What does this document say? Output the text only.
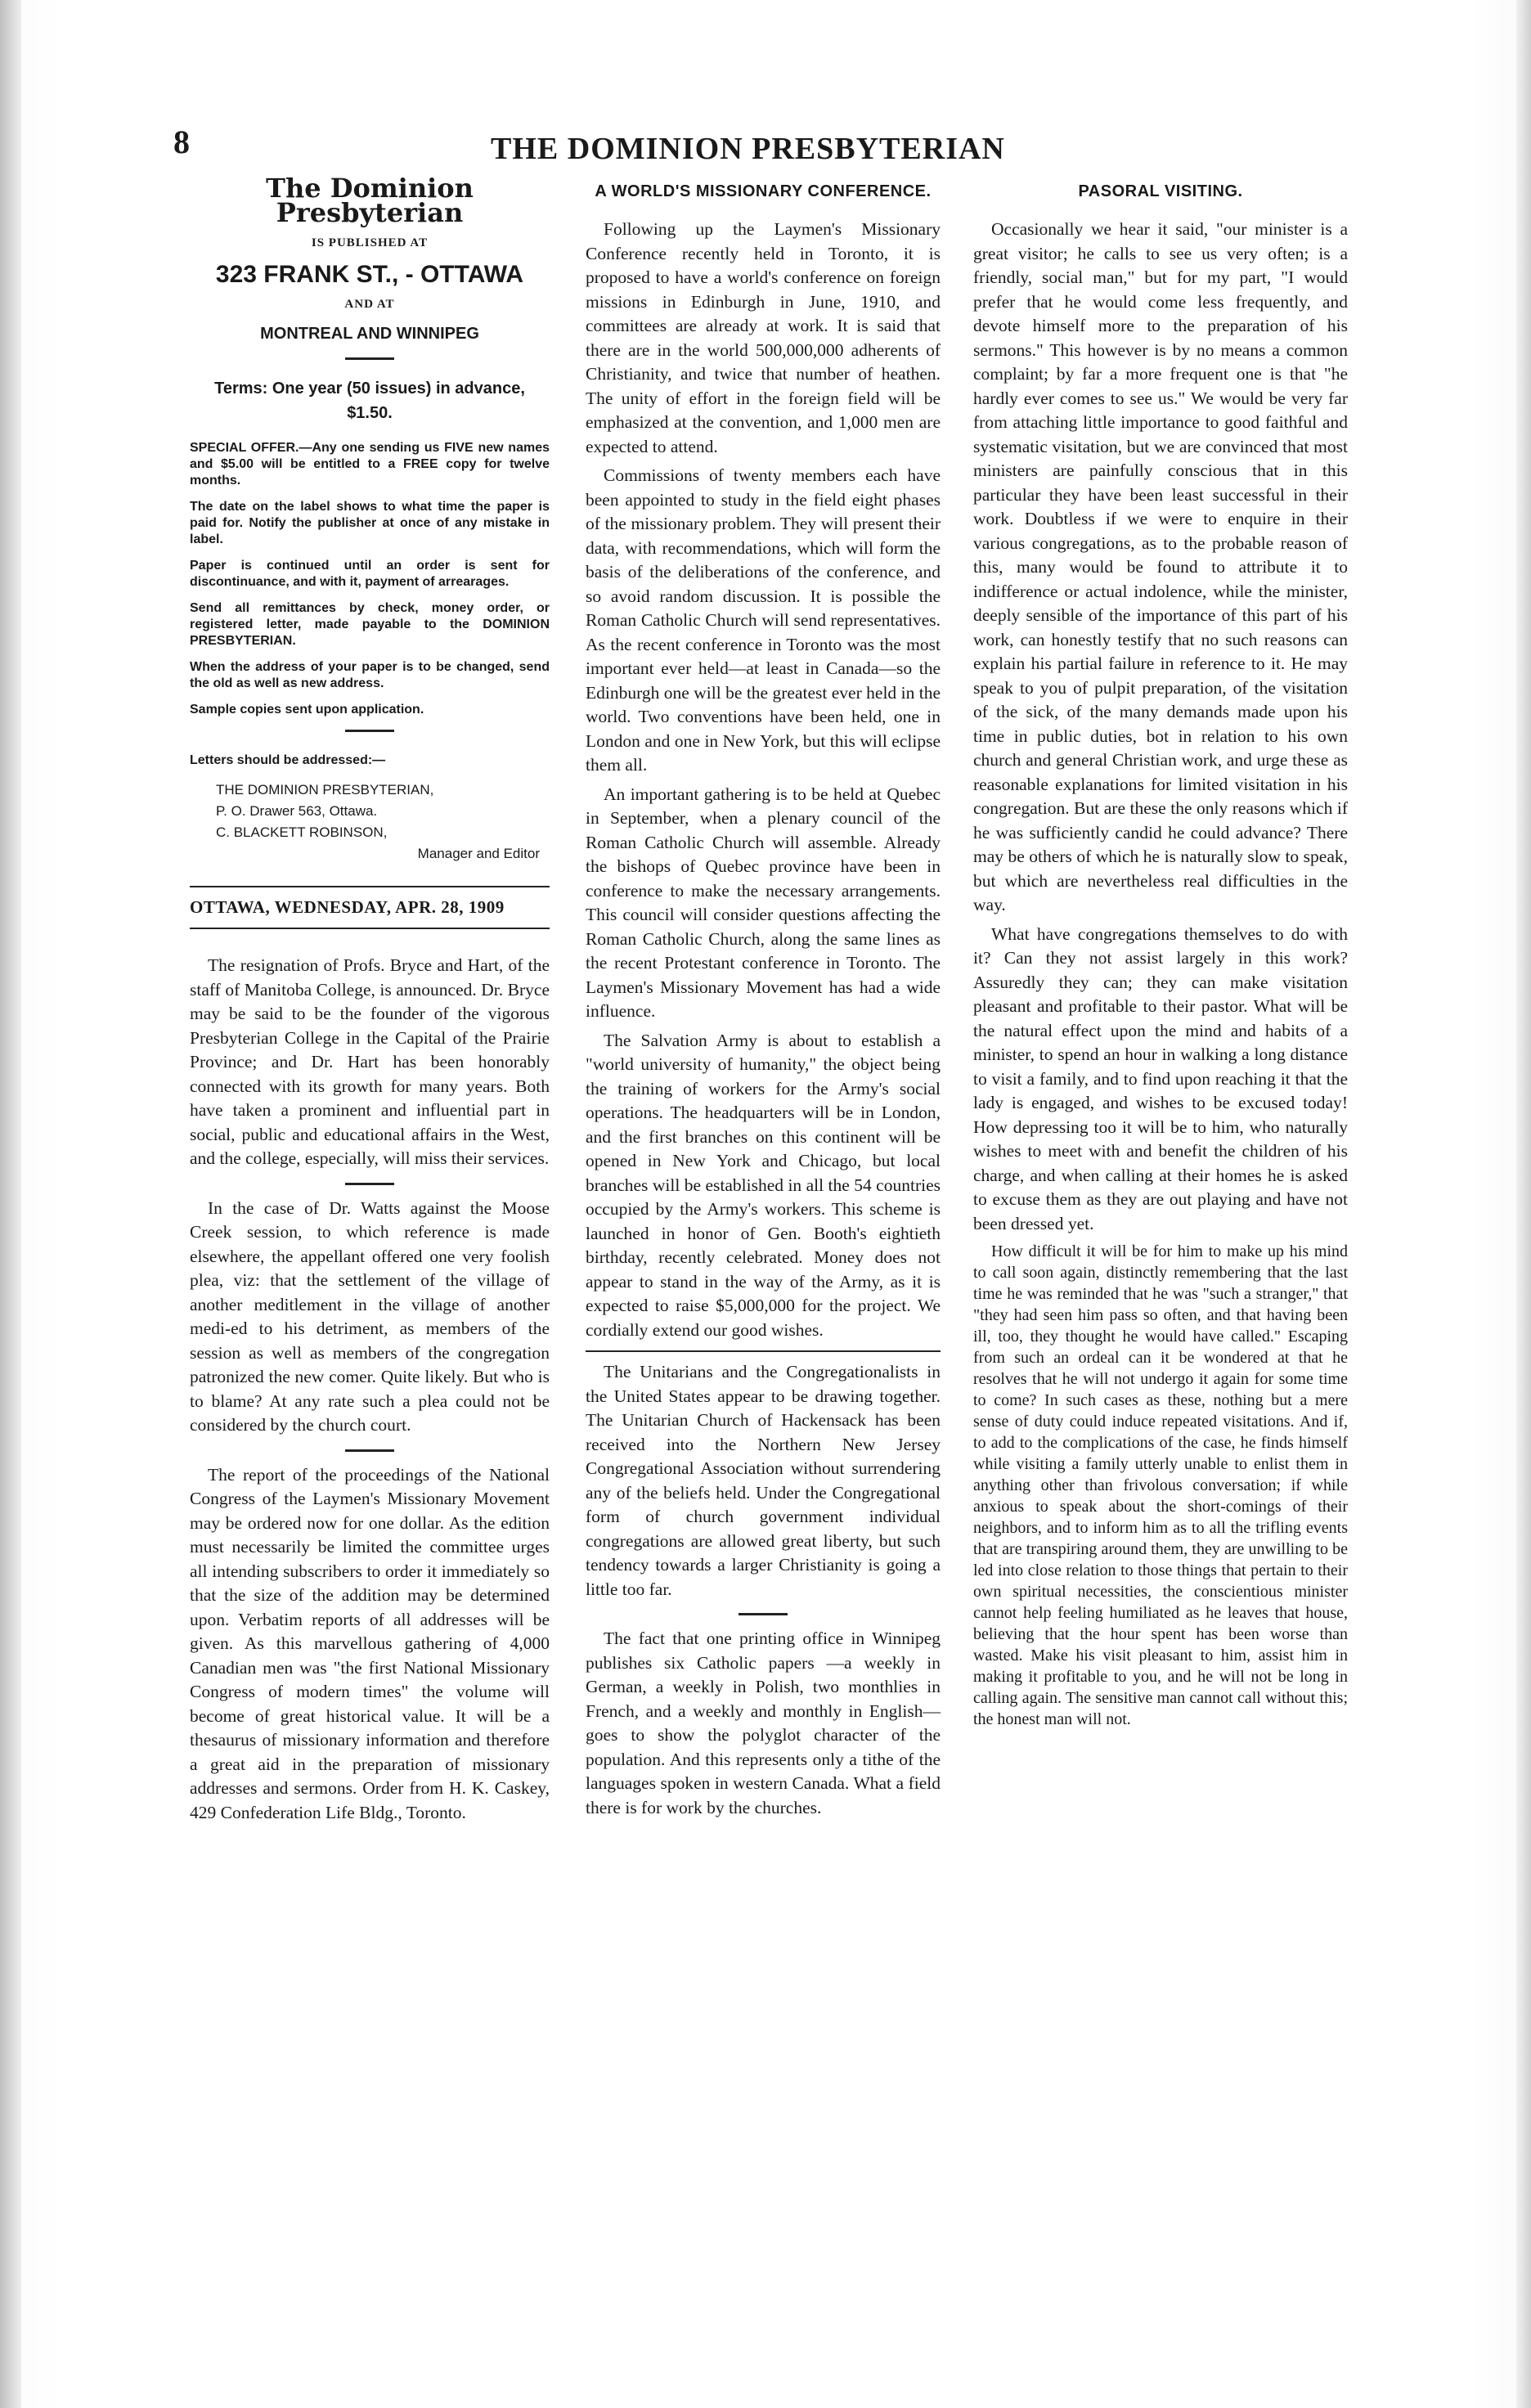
8	THE DOMINION PRESBYTERIAN
The Dominion Presbyterian
IS PUBLISHED AT
323 FRANK ST., - OTTAWA
AND AT
MONTREAL AND WINNIPEG
Terms: One year (50 issues) in advance, $1.50.
SPECIAL OFFER.—Any one sending us FIVE new names and $5.00 will be entitled to a FREE copy for twelve months.
The date on the label shows to what time the paper is paid for. Notify the publisher at once of any mistake in label.
Paper is continued until an order is sent for discontinuance, and with it, payment of arrearages.
Send all remittances by check, money order, or registered letter, made payable to the DOMINION PRESBYTERIAN.
When the address of your paper is to be changed, send the old as well as new address.
Sample copies sent upon application.
Letters should be addressed:—
THE DOMINION PRESBYTERIAN,
P. O. Drawer 563, Ottawa.
C. BLACKETT ROBINSON,
Manager and Editor
OTTAWA, WEDNESDAY, APR. 28, 1909

The resignation of Profs. Bryce and Hart, of the staff of Manitoba College, is announced. Dr. Bryce may be said to be the founder of the vigorous Presbyterian College in the Capital of the Prairie Province; and Dr. Hart has been honorably connected with its growth for many years. Both have taken a prominent and influential part in social, public and educational affairs in the West, and the college, especially, will miss their services.

In the case of Dr. Watts against the Moose Creek session, to which reference is made elsewhere, the appellant offered one very foolish plea, viz: that the settlement of the village of another meditlement in the village of another medi-ed to his detriment, as members of the session as well as members of the congregation patronized the new comer. Quite likely. But who is to blame? At any rate such a plea could not be considered by the church court.

The report of the proceedings of the National Congress of the Laymen's Missionary Movement may be ordered now for one dollar. As the edition must necessarily be limited the committee urges all intending subscribers to order it immediately so that the size of the addition may be determined upon. Verbatim reports of all addresses will be given. As this marvellous gathering of 4,000 Canadian men was "the first National Missionary Congress of modern times" the volume will become of great historical value. It will be a thesaurus of missionary information and therefore a great aid in the preparation of missionary addresses and sermons. Order from H. K. Caskey, 429 Confederation Life Bldg., Toronto.

A WORLD'S MISSIONARY CONFERENCE.

Following up the Laymen's Missionary Conference recently held in Toronto, it is proposed to have a world's conference on foreign missions in Edinburgh in June, 1910, and committees are already at work. It is said that there are in the world 500,000,000 adherents of Christianity, and twice that number of heathen. The unity of effort in the foreign field will be emphasized at the convention, and 1,000 men are expected to attend.

Commissions of twenty members each have been appointed to study in the field eight phases of the missionary problem. They will present their data, with recommendations, which will form the basis of the deliberations of the conference, and so avoid random discussion. It is possible the Roman Catholic Church will send representatives. As the recent conference in Toronto was the most important ever held—at least in Canada—so the Edinburgh one will be the greatest ever held in the world. Two conventions have been held, one in London and one in New York, but this will eclipse them all.

An important gathering is to be held at Quebec in September, when a plenary council of the Roman Catholic Church will assemble. Already the bishops of Quebec province have been in conference to make the necessary arrangements. This council will consider questions affecting the Roman Catholic Church, along the same lines as the recent Protestant conference in Toronto. The Laymen's Missionary Movement has had a wide influence.

The Salvation Army is about to establish a "world university of humanity," the object being the training of workers for the Army's social operations. The headquarters will be in London, and the first branches on this continent will be opened in New York and Chicago, but local branches will be established in all the 54 countries occupied by the Army's workers. This scheme is launched in honor of Gen. Booth's eightieth birthday, recently celebrated. Money does not appear to stand in the way of the Army, as it is expected to raise $5,000,000 for the project. We cordially extend our good wishes.

The Unitarians and the Congregationalists in the United States appear to be drawing together. The Unitarian Church of Hackensack has been received into the Northern New Jersey Congregational Association without surrendering any of the beliefs held. Under the Congregational form of church government individual congregations are allowed great liberty, but such tendency towards a larger Christianity is going a little too far.

The fact that one printing office in Winnipeg publishes six Catholic papers —a weekly in German, a weekly in Polish, two monthlies in French, and a weekly and monthly in English—goes to show the polyglot character of the population. And this represents only a tithe of the languages spoken in western Canada. What a field there is for work by the churches.

PASORAL VISITING.

Occasionally we hear it said, "our minister is a great visitor; he calls to see us very often; is a friendly, social man," but for my part, "I would prefer that he would come less frequently, and devote himself more to the preparation of his sermons." This however is by no means a common complaint; by far a more frequent one is that "he hardly ever comes to see us." We would be very far from attaching little importance to good faithful and systematic visitation, but we are convinced that most ministers are painfully conscious that in this particular they have been least successful in their work. Doubtless if we were to enquire in their various congregations, as to the probable reason of this, many would be found to attribute it to indifference or actual indolence, while the minister, deeply sensible of the importance of this part of his work, can honestly testify that no such reasons can explain his partial failure in reference to it. He may speak to you of pulpit preparation, of the visitation of the sick, of the many demands made upon his time in public duties, bot in relation to his own church and general Christian work, and urge these as reasonable explanations for limited visitation in his congregation. But are these the only reasons which if he was sufficiently candid he could advance? There may be others of which he is naturally slow to speak, but which are nevertheless real difficulties in the way.

What have congregations themselves to do with it? Can they not assist largely in this work? Assuredly they can; they can make visitation pleasant and profitable to their pastor. What will be the natural effect upon the mind and habits of a minister, to spend an hour in walking a long distance to visit a family, and to find upon reaching it that the lady is engaged, and wishes to be excused today! How depressing too it will be to him, who naturally wishes to meet with and benefit the children of his charge, and when calling at their homes he is asked to excuse them as they are out playing and have not been dressed yet.

How difficult it will be for him to make up his mind to call soon again, distinctly remembering that the last time he was reminded that he was "such a stranger," that "they had seen him pass so often, and that having been ill, too, they thought he would have called." Escaping from such an ordeal can it be wondered at that he resolves that he will not undergo it again for some time to come? In such cases as these, nothing but a mere sense of duty could induce repeated visitations. And if, to add to the complications of the case, he finds himself while visiting a family utterly unable to enlist them in anything other than frivolous conversation; if while anxious to speak about the short-comings of their neighbors, and to inform him as to all the trifling events that are transpiring around them, they are unwilling to be led into close relation to those things that pertain to their own spiritual necessities, the conscientious minister cannot help feeling humiliated as he leaves that house, believing that the hour spent has been worse than wasted. Make his visit pleasant to him, assist him in making it profitable to you, and he will not be long in calling again. The sensitive man cannot call without this; the honest man will not.
